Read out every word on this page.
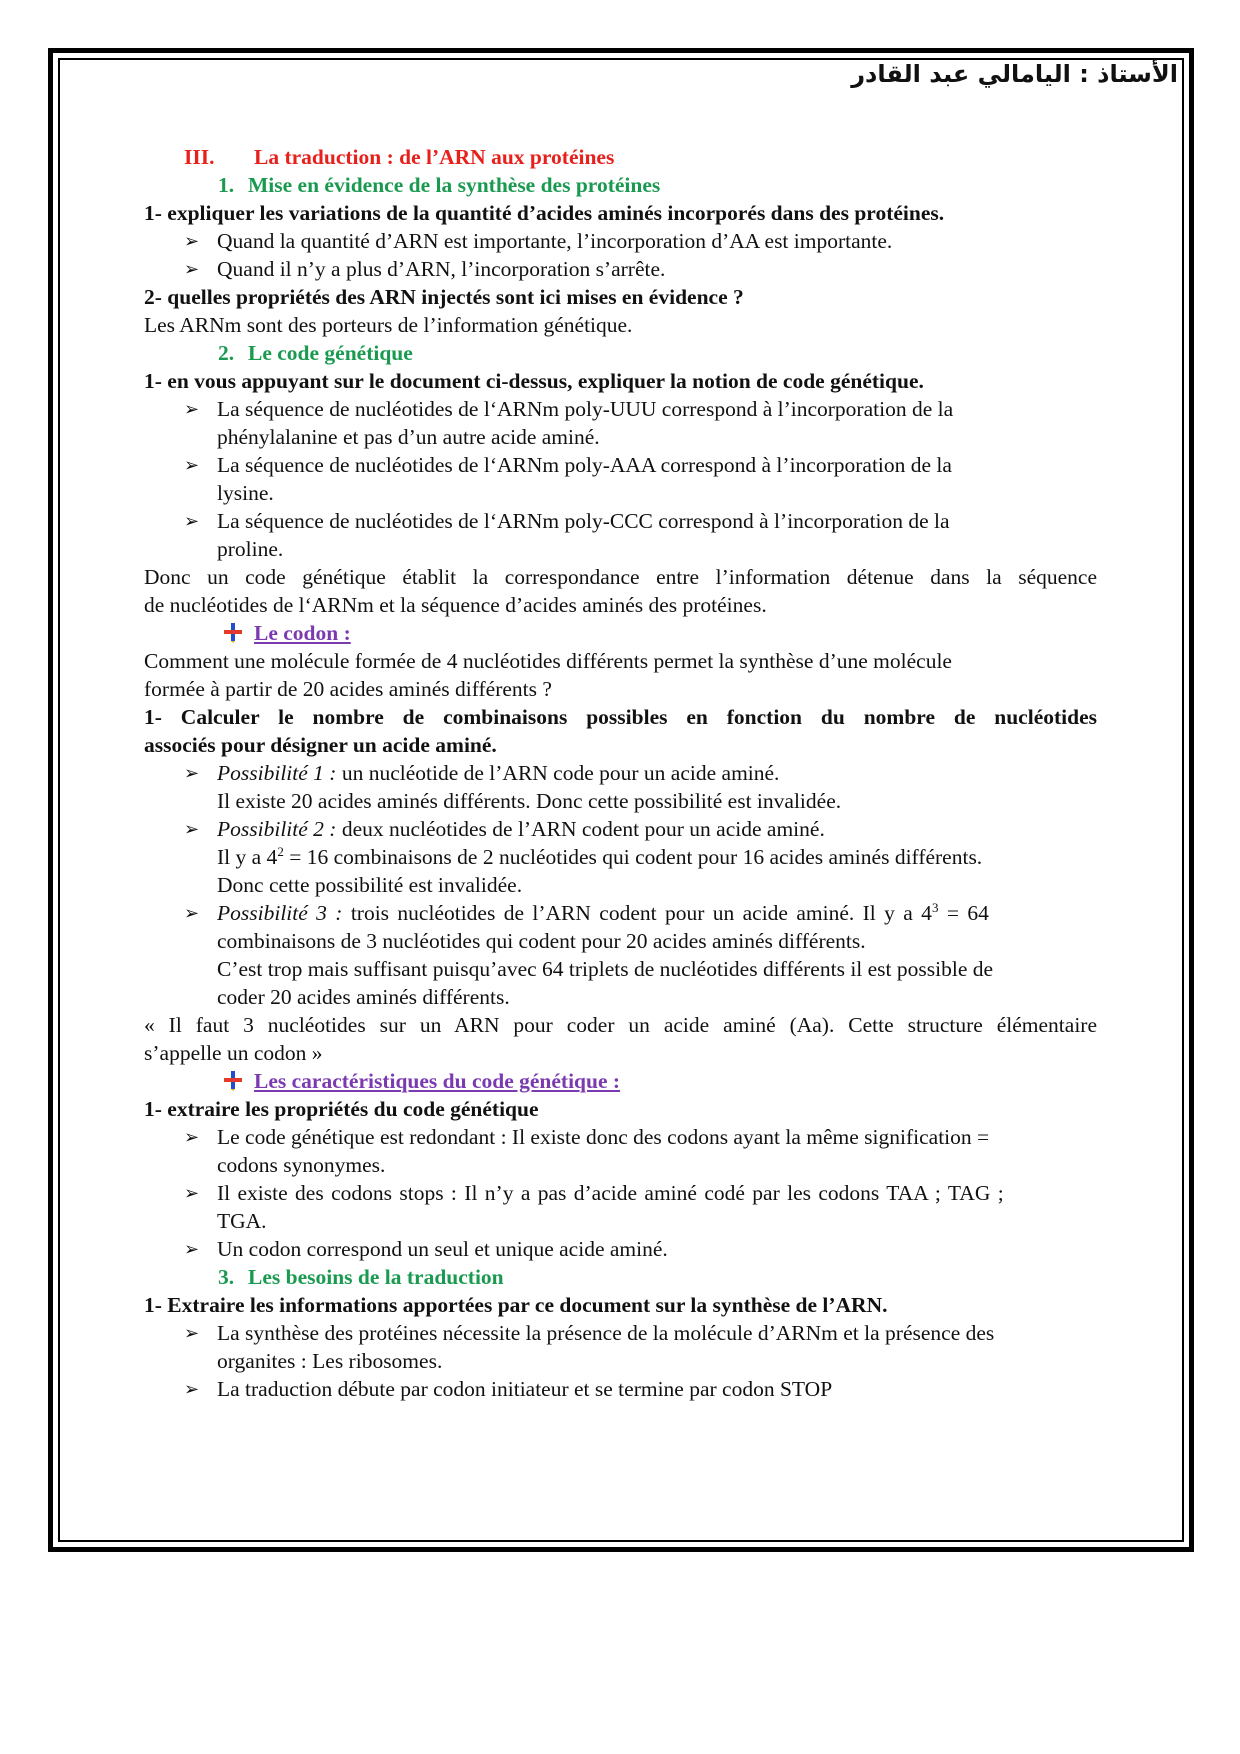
الأستاذ : اليامالي عبد القادر
III. La traduction : de l’ARN aux protéines
1. Mise en évidence de la synthèse des protéines
1- expliquer les variations de la quantité d’acides aminés incorporés dans des protéines.
➢ Quand la quantité d’ARN est importante, l’incorporation d’AA est importante.
➢ Quand il n’y a plus d’ARN, l’incorporation s’arrête.
2- quelles propriétés des ARN injectés sont ici mises en évidence ?
Les ARNm sont des porteurs de l’information génétique.
2. Le code génétique
1- en vous appuyant sur le document ci-dessus, expliquer la notion de code génétique.
➢ La séquence de nucléotides de l‘ARNm poly-UUU correspond à l’incorporation de la
phénylalanine et pas d’un autre acide aminé.
➢ La séquence de nucléotides de l‘ARNm poly-AAA correspond à l’incorporation de la
lysine.
➢ La séquence de nucléotides de l‘ARNm poly-CCC correspond à l’incorporation de la
proline.
Donc un code génétique établit la correspondance entre l’information détenue dans la séquence
de nucléotides de l‘ARNm et la séquence d’acides aminés des protéines.
Le codon :
Comment une molécule formée de 4 nucléotides différents permet la synthèse d’une molécule
formée à partir de 20 acides aminés différents ?
1- Calculer le nombre de combinaisons possibles en fonction du nombre de nucléotides
associés pour désigner un acide aminé.
➢ Possibilité 1 : un nucléotide de l’ARN code pour un acide aminé.
Il existe 20 acides aminés différents. Donc cette possibilité est invalidée.
➢ Possibilité 2 : deux nucléotides de l’ARN codent pour un acide aminé.
Il y a $4^2 = 16$ combinaisons de 2 nucléotides qui codent pour 16 acides aminés différents.
Donc cette possibilité est invalidée.
➢ Possibilité 3 : trois nucléotides de l’ARN codent pour un acide aminé. Il y a $4^3 = 64$
combinaisons de 3 nucléotides qui codent pour 20 acides aminés différents.
C’est trop mais suffisant puisqu’avec 64 triplets de nucléotides différents il est possible de
coder 20 acides aminés différents.
« Il faut 3 nucléotides sur un ARN pour coder un acide aminé (Aa). Cette structure élémentaire
s’appelle un codon »
Les caractéristiques du code génétique :
1- extraire les propriétés du code génétique
➢ Le code génétique est redondant : Il existe donc des codons ayant la même signification =
codons synonymes.
➢ Il existe des codons stops : Il n’y a pas d’acide aminé codé par les codons TAA ; TAG ;
TGA.
➢ Un codon correspond un seul et unique acide aminé.
3. Les besoins de la traduction
1- Extraire les informations apportées par ce document sur la synthèse de l’ARN.
➢ La synthèse des protéines nécessite la présence de la molécule d’ARNm et la présence des
organites : Les ribosomes.
➢ La traduction débute par codon initiateur et se termine par codon STOP
